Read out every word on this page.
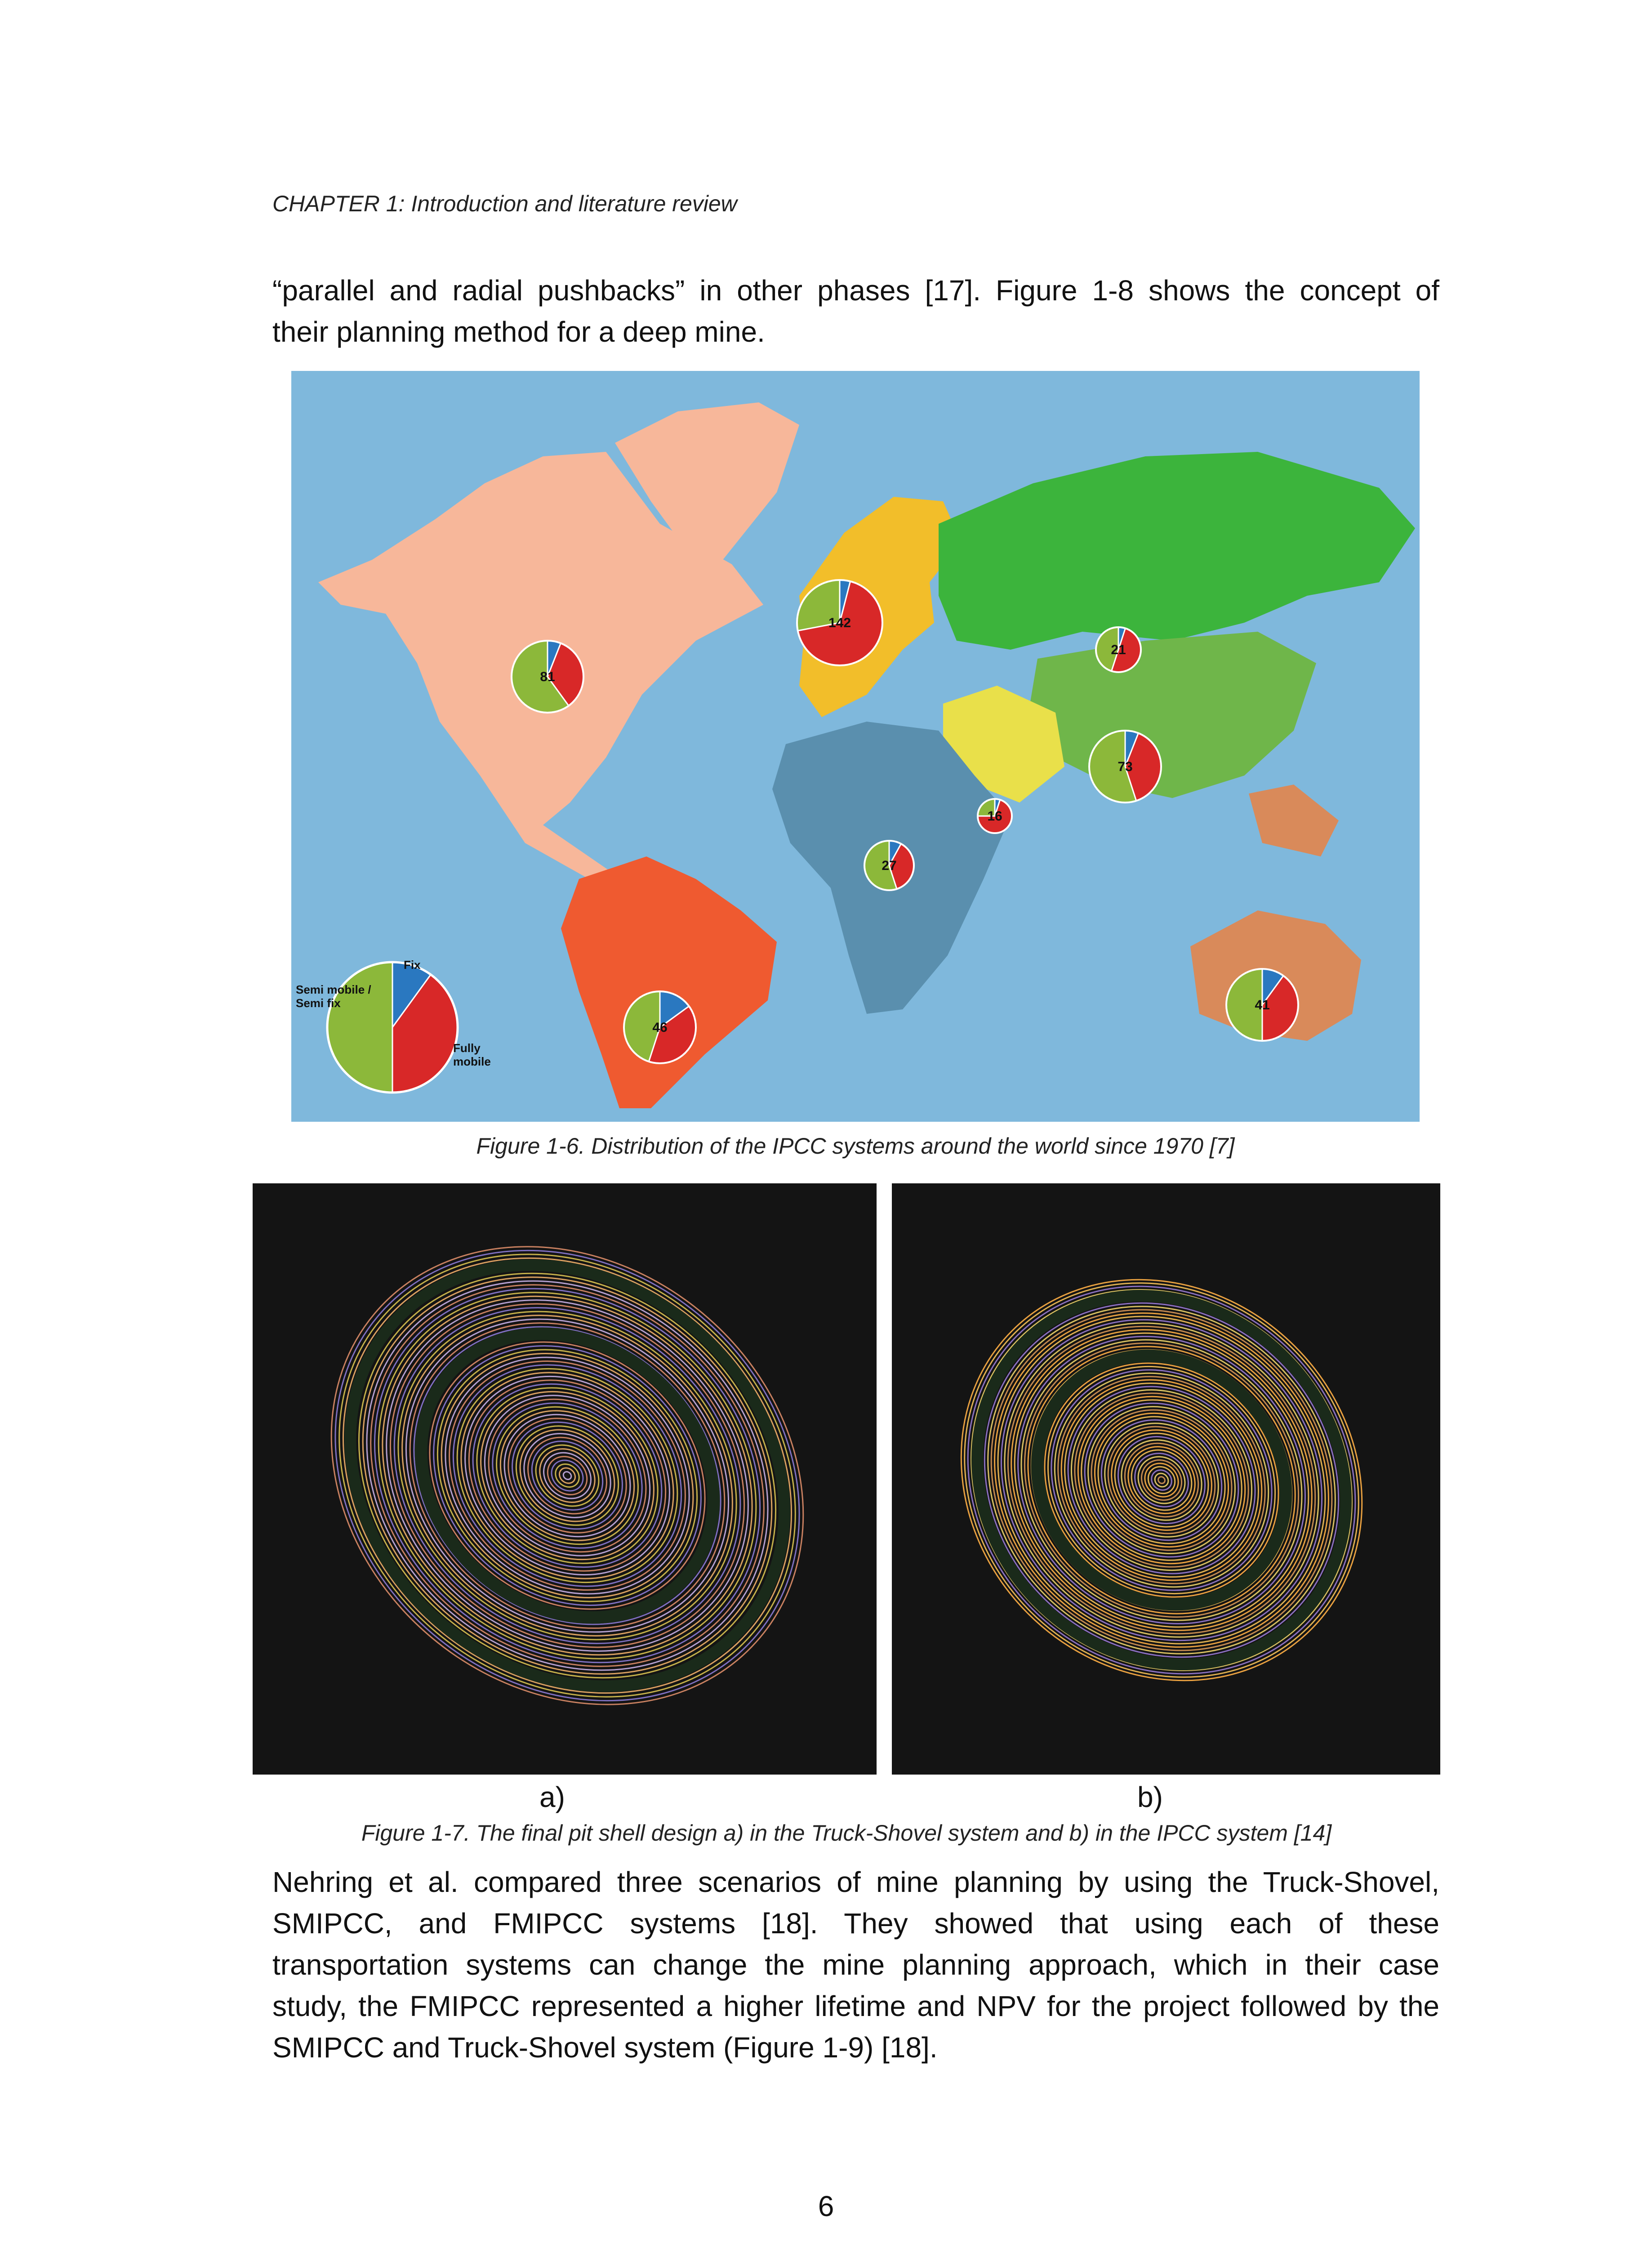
CHAPTER 1: Introduction and literature review
“parallel and radial pushbacks” in other phases [17]. Figure 1-8 shows the concept of
their planning method for a deep mine.
81
142
21
73
16
27
46
41
Fix
Semi mobile /
Semi fix
Fully
mobile
Figure 1-6. Distribution of the IPCC systems around the world since 1970 [7]
a)	b)
Figure 1-7. The final pit shell design a) in the Truck-Shovel system and b) in the IPCC system [14]
Nehring et al. compared three scenarios of mine planning by using the Truck-Shovel,
SMIPCC, and FMIPCC systems [18]. They showed that using each of these
transportation systems can change the mine planning approach, which in their case
study, the FMIPCC represented a higher lifetime and NPV for the project followed by the
SMIPCC and Truck-Shovel system (Figure 1-9) [18].
6
